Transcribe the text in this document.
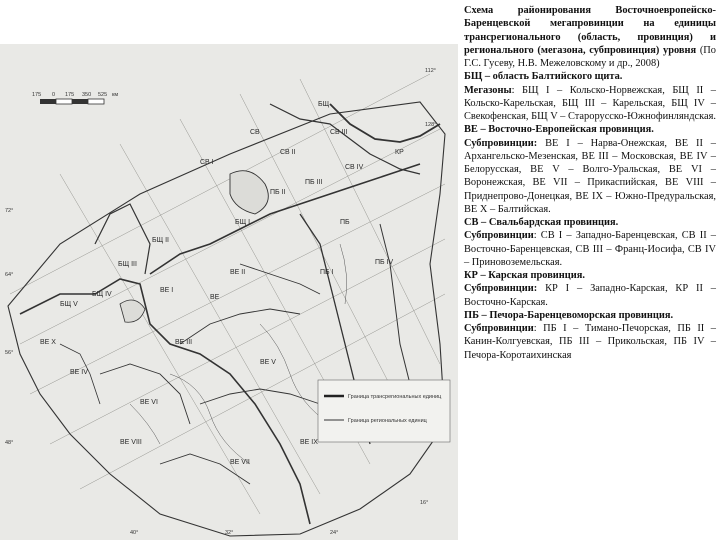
175 0 175 350 525 км
72°
64°
56°
48°
40°	32°	24°
16°
128°
112°
БЩ
БЩ I
БЩ II
БЩ III
БЩ IV
БЩ V
ВЕ
ВЕ I
ВЕ II
ВЕ III
ВЕ IV
ВЕ V
ВЕ VI
ВЕ VII
ВЕ VIII	ВЕ IX
ВЕ X
СВ
СВ I
СВ II
СВ III
СВ IV
КР
ПБ
ПБ I
ПБ II
ПБ III
ПБ IV
Граница трансрегиональных единиц
Граница региональных единиц

Схема районирования Восточноевропейско-Баренцевской мегапровинции на единицы трансрегионального (область, провинция) и регионального (мегазона, субпровинция) уровня (По Г.С. Гусеву, Н.В. Межеловскому и др., 2008)

БЩ – область Балтийского щита.

Мегазоны: БЩ I – Кольско-Норвежская, БЩ II – Кольско-Карельская, БЩ III – Карельская, БЩ IV – Свекофенская, БЩ V – Старорусско-Южнофинляндская. ВЕ – Восточно-Европейская провинция.

Субпровинции: ВЕ I – Нарва-Онежская, ВЕ II – Архангельско-Мезенская, ВЕ III – Московская, ВЕ IV – Белорусская, ВЕ V – Волго-Уральская, ВЕ VI – Воронежская, ВЕ VII – Прикаспийская, ВЕ VIII – Приднепрово-Донецкая, ВЕ IX – Южно-Предуральская, ВЕ X – Балтийская.

СВ – Свальбардская провинция.

Субпровинции: СВ I – Западно-Баренцевская, СВ II – Восточно-Баренцевская, СВ III – Франц-Иосифа, СВ IV – Приновоземельская.

КР – Карская провинция.

Субпровинции: КР I – Западно-Карская, КР II – Восточно-Карская.

ПБ – Печора-Баренцевоморская провинция.

Субпровинции: ПБ I – Тимано-Печорская, ПБ II – Канин-Колгуевская, ПБ III – Прикольская, ПБ IV – Печора-Коротаихинская
